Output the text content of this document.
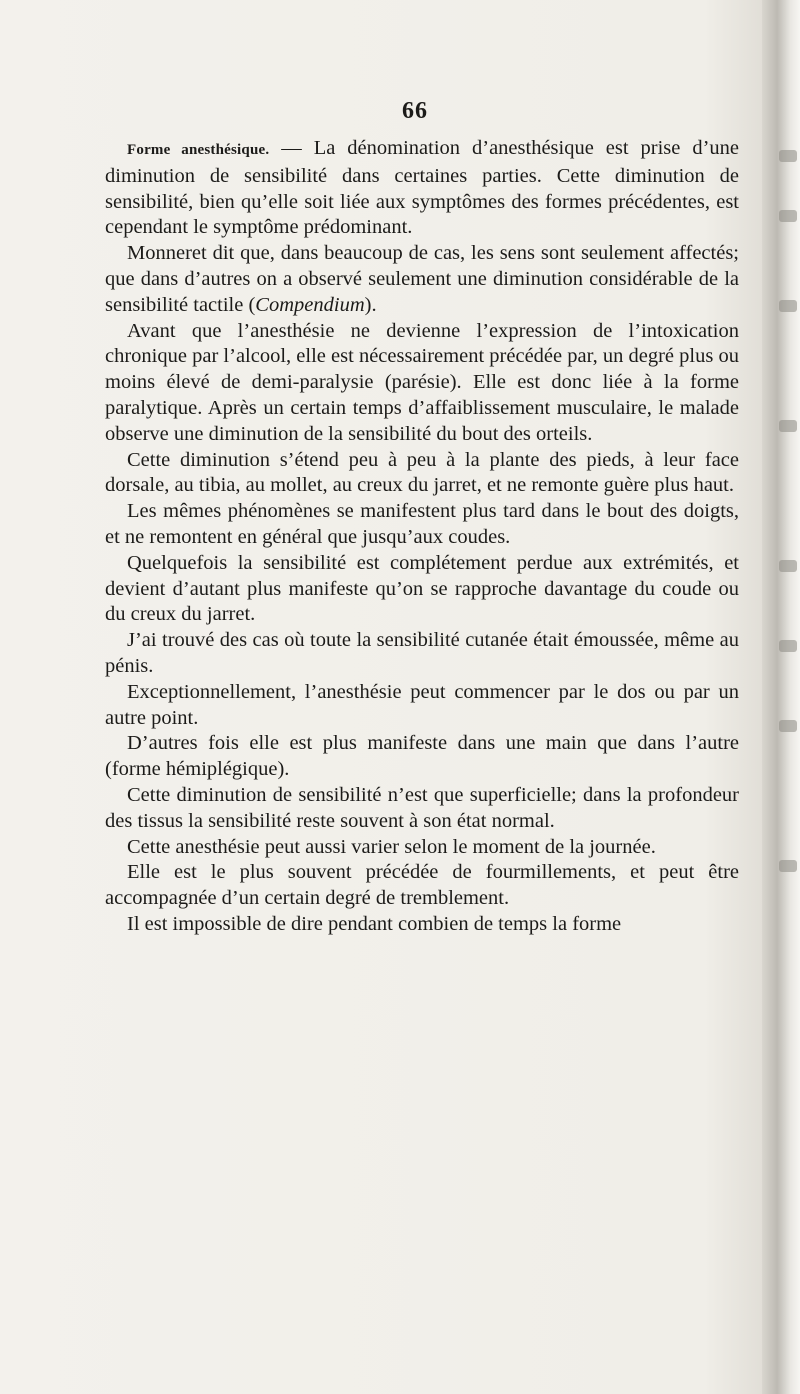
66

Forme anesthésique. — La dénomination d’anesthésique est prise d’une diminution de sensibilité dans certaines parties. Cette diminution de sensibilité, bien qu’elle soit liée aux symptômes des formes précédentes, est cependant le symptôme prédominant.

Monneret dit que, dans beaucoup de cas, les sens sont seulement affectés; que dans d’autres on a observé seulement une diminution considérable de la sensibilité tactile (Compendium).

Avant que l’anesthésie ne devienne l’expression de l’intoxication chronique par l’alcool, elle est nécessairement précédée par, un degré plus ou moins élevé de demi-paralysie (parésie). Elle est donc liée à la forme paralytique. Après un certain temps d’affaiblissement musculaire, le malade observe une diminution de la sensibilité du bout des orteils.

Cette diminution s’étend peu à peu à la plante des pieds, à leur face dorsale, au tibia, au mollet, au creux du jarret, et ne remonte guère plus haut.

Les mêmes phénomènes se manifestent plus tard dans le bout des doigts, et ne remontent en général que jusqu’aux coudes.

Quelquefois la sensibilité est complétement perdue aux extrémités, et devient d’autant plus manifeste qu’on se rapproche davantage du coude ou du creux du jarret.

J’ai trouvé des cas où toute la sensibilité cutanée était émoussée, même au pénis.

Exceptionnellement, l’anesthésie peut commencer par le dos ou par un autre point.

D’autres fois elle est plus manifeste dans une main que dans l’autre (forme hémiplégique).

Cette diminution de sensibilité n’est que superficielle; dans la profondeur des tissus la sensibilité reste souvent à son état normal.

Cette anesthésie peut aussi varier selon le moment de la journée.

Elle est le plus souvent précédée de fourmillements, et peut être accompagnée d’un certain degré de tremblement.

Il est impossible de dire pendant combien de temps la forme
